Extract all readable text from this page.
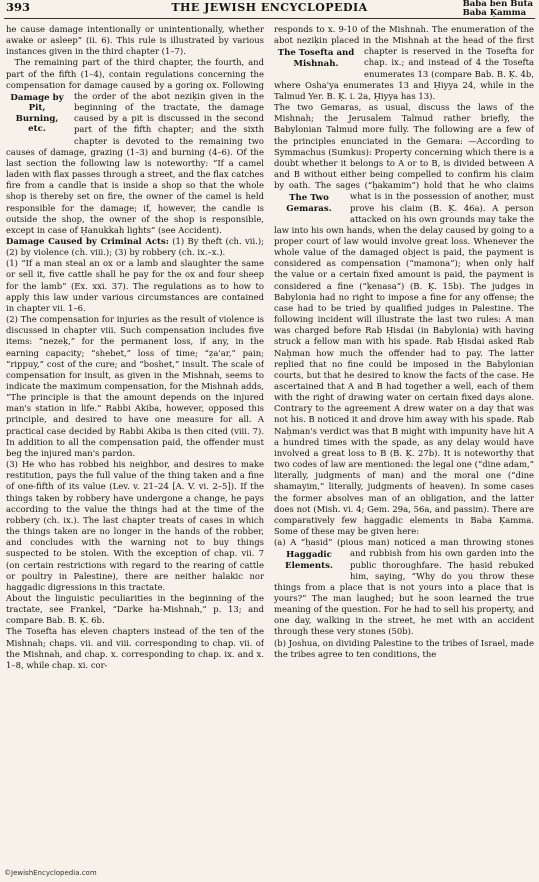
393	THE JEWISH ENCYCLOPEDIA	Baba ben Buta
Baba Ḳamma

he cause damage intentionally or unintentionally, whether awake or asleep” (ii. 6). This rule is illustrated by various instances given in the third chapter (1–7).

 The remaining part of the third chapter, the fourth, and part of the fifth (1–4), contain regulations concerning the compensation for damage caused by a goring ox.
Damage by Pit, Burning, etc.
Following the order of the abot neziḳin given in the beginning of the tractate, the damage caused by a pit is discussed in the second part of the fifth chapter; and the sixth chapter is devoted to the remaining two causes of damage, grazing (1–3) and burning (4–6). Of the last section the following law is noteworthy: “If a camel laden with flax passes through a street, and the flax catches fire from a candle that is inside a shop so that the whole shop is thereby set on fire, the owner of the camel is held responsible for the damage; if, however, the candle is outside the shop, the owner of the shop is responsible, except in case of Ḥanukkah lights” (see Accident).

Damage Caused by Criminal Acts: (1) By theft (ch. vii.); (2) by violence (ch. viii.); (3) by robbery (ch. ix.–x.).

(1) “If a man steal an ox or a lamb and slaughter the same or sell it, five cattle shall he pay for the ox and four sheep for the lamb” (Ex. xxi. 37). The regulations as to how to apply this law under various circumstances are contained in chapter vii. 1–6.

(2) The compensation for injuries as the result of violence is discussed in chapter viii. Such compensation includes five items: “nezeḳ,” for the permanent loss, if any, in the earning capacity; “shebet,” loss of time; “ẓa'ar,” pain; “rippuy,” cost of the cure; and “boshet,” insult. The scale of compensation for insult, as given in the Mishnah, seems to indicate the maximum compensation, for the Mishnah adds, “The principle is that the amount depends on the injured man's station in life.” Rabbi Akiba, however, opposed this principle, and desired to have one measure for all. A practical case decided by Rabbi Akiba is then cited (viii. 7). In addition to all the compensation paid, the offender must beg the injured man's pardon.

(3) He who has robbed his neighbor, and desires to make restitution, pays the full value of the thing taken and a fine of one-fifth of its value (Lev. v. 21–24 [A. V. vi. 2–5]). If the things taken by robbery have undergone a change, he pays according to the value the things had at the time of the robbery (ch. ix.). The last chapter treats of cases in which the things taken are no longer in the hands of the robber, and concludes with the warning not to buy things suspected to be stolen. With the exception of chap. vii. 7 (on certain restrictions with regard to the rearing of cattle or poultry in Palestine), there are neither halakic nor haggadic digressions in this tractate.

About the linguistic peculiarities in the beginning of the tractate, see Frankel, “Darke ha-Mishnah,” p. 13; and compare Bab. B. Ḳ. 6b.

The Tosefta has eleven chapters instead of the ten of the Mishnah; chaps. vii. and viii. corresponding to chap. vii. of the Mishnah, and chap. x. corresponding to chap. ix. and x. 1–8, while chap. xi. cor-

responds to x. 9-10 of the Mishnah. The enumeration of the abot neziḳin placed in the Mishnah at the
The Tosefta and Mishnah.
head of the first chapter is reserved in the Tosefta for chap. ix.; and instead of 4 the Tosefta enumerates 13 (compare Bab. B. Ḳ. 4b, where Osha'ya enumerates 13 and Ḥiyya 24, while in the Talmud Yer. B. Ḳ. i. 2a, Ḥiyya has 13).

The two Gemaras, as usual, discuss the laws of the Mishnah; the Jerusalem Talmud rather briefly, the Babylonian Talmud more fully. The following are a few of the principles enunciated in the Gemara: —According to Symmachus (Sumkus): Property concerning which there is a doubt whether it belongs to A or to B, is divided between A and B without either being compelled to confirm his claim by oath. The sages (“ḥakamim”) hold that he who
The Two Gemaras.
claims what is in the possession of another, must prove his claim (B. Ḳ. 46a). A person attacked on his own grounds may take the law into his own hands, when the delay caused by going to a proper court of law would involve great loss. Whenever the whole value of the damaged object is paid, the payment is considered as compensation (“mamona”); when only half the value or a certain fixed amount is paid, the payment is considered a fine (“ḳenasa”) (B. Ḳ. 15b). The judges in Babylonia had no right to impose a fine for any offense; the case had to be tried by qualified judges in Palestine. The following incident will illustrate the last two rules: A man was charged before Rab Ḥisdai (in Babylonia) with having struck a fellow man with his spade. Rab Ḥisdai asked Rab Naḥman how much the offender had to pay. The latter replied that no fine could be imposed in the Babylonian courts, but that he desired to know the facts of the case. He ascertained that A and B had together a well, each of them with the right of drawing water on certain fixed days alone. Contrary to the agreement A drew water on a day that was not his. B noticed it and drove him away with his spade. Rab Naḥman's verdict was that B might with impunity have hit A a hundred times with the spade, as any delay would have involved a great loss to B (B. Ḳ. 27b). It is noteworthy that two codes of law are mentioned: the legal one (“dine adam,” literally, judgments of man) and the moral one (“dine shamayim,” literally, judgments of heaven). In some cases the former absolves man of an obligation, and the latter does not (Mish. vi. 4; Gem. 29a, 56a, and passim). There are comparatively few haggadic elements in Baba Ḳamma. Some of these may be given here:

(a) A “ḥasid” (pious man) noticed a man throwing stones and rubbish from his own garden into the
Haggadic Elements.	public thoroughfare. The ḥasid rebuked him, saying, “Why do you throw these things from a place that is not yours into a place that is yours?” The man laughed; but he soon learned the true meaning of the question. For he had to sell his property, and one day, walking in the street, he met with an accident through these very stones (50b).

(b) Joshua, on dividing Palestine to the tribes of Israel, made the tribes agree to ten conditions, the

©JewishEncyclopedia.com
